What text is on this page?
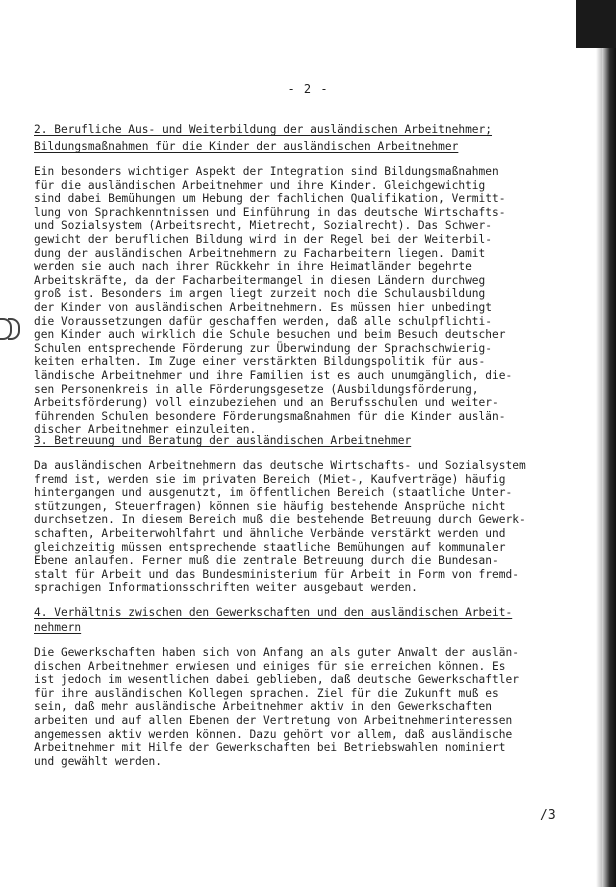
- 2 -
2. Berufliche Aus- und Weiterbildung der ausländischen Arbeitnehmer;
Bildungsmaßnahmen für die Kinder der ausländischen Arbeitnehmer
Ein besonders wichtiger Aspekt der Integration sind Bildungsmaßnahmen
für die ausländischen Arbeitnehmer und ihre Kinder. Gleichgewichtig
sind dabei Bemühungen um Hebung der fachlichen Qualifikation, Vermitt-
lung von Sprachkenntnissen und Einführung in das deutsche Wirtschafts-
und Sozialsystem (Arbeitsrecht, Mietrecht, Sozialrecht). Das Schwer-
gewicht der beruflichen Bildung wird in der Regel bei der Weiterbil-
dung der ausländischen Arbeitnehmern zu Facharbeitern liegen. Damit
werden sie auch nach ihrer Rückkehr in ihre Heimatländer begehrte
Arbeitskräfte, da der Facharbeitermangel in diesen Ländern durchweg
groß ist. Besonders im argen liegt zurzeit noch die Schulausbildung
der Kinder von ausländischen Arbeitnehmern. Es müssen hier unbedingt
die Voraussetzungen dafür geschaffen werden, daß alle schulpflichti-
gen Kinder auch wirklich die Schule besuchen und beim Besuch deutscher
Schulen entsprechende Förderung zur Überwindung der Sprachschwierig-
keiten erhalten. Im Zuge einer verstärkten Bildungspolitik für aus-
ländische Arbeitnehmer und ihre Familien ist es auch unumgänglich, die-
sen Personenkreis in alle Förderungsgesetze (Ausbildungsförderung,
Arbeitsförderung) voll einzubeziehen und an Berufsschulen und weiter-
führenden Schulen besondere Förderungsmaßnahmen für die Kinder auslän-
discher Arbeitnehmer einzuleiten.
3. Betreuung und Beratung der ausländischen Arbeitnehmer
Da ausländischen Arbeitnehmern das deutsche Wirtschafts- und Sozialsystem
fremd ist, werden sie im privaten Bereich (Miet-, Kaufverträge) häufig
hintergangen und ausgenutzt, im öffentlichen Bereich (staatliche Unter-
stützungen, Steuerfragen) können sie häufig bestehende Ansprüche nicht
durchsetzen. In diesem Bereich muß die bestehende Betreuung durch Gewerk-
schaften, Arbeiterwohlfahrt und ähnliche Verbände verstärkt werden und
gleichzeitig müssen entsprechende staatliche Bemühungen auf kommunaler
Ebene anlaufen. Ferner muß die zentrale Betreuung durch die Bundesan-
stalt für Arbeit und das Bundesministerium für Arbeit in Form von fremd-
sprachigen Informationsschriften weiter ausgebaut werden.
4. Verhältnis zwischen den Gewerkschaften und den ausländischen Arbeit-
nehmern
Die Gewerkschaften haben sich von Anfang an als guter Anwalt der auslän-
dischen Arbeitnehmer erwiesen und einiges für sie erreichen können. Es
ist jedoch im wesentlichen dabei geblieben, daß deutsche Gewerkschaftler
für ihre ausländischen Kollegen sprachen. Ziel für die Zukunft muß es
sein, daß mehr ausländische Arbeitnehmer aktiv in den Gewerkschaften
arbeiten und auf allen Ebenen der Vertretung von Arbeitnehmerinteressen
angemessen aktiv werden können. Dazu gehört vor allem, daß ausländische
Arbeitnehmer mit Hilfe der Gewerkschaften bei Betriebswahlen nominiert
und gewählt werden.
/3
